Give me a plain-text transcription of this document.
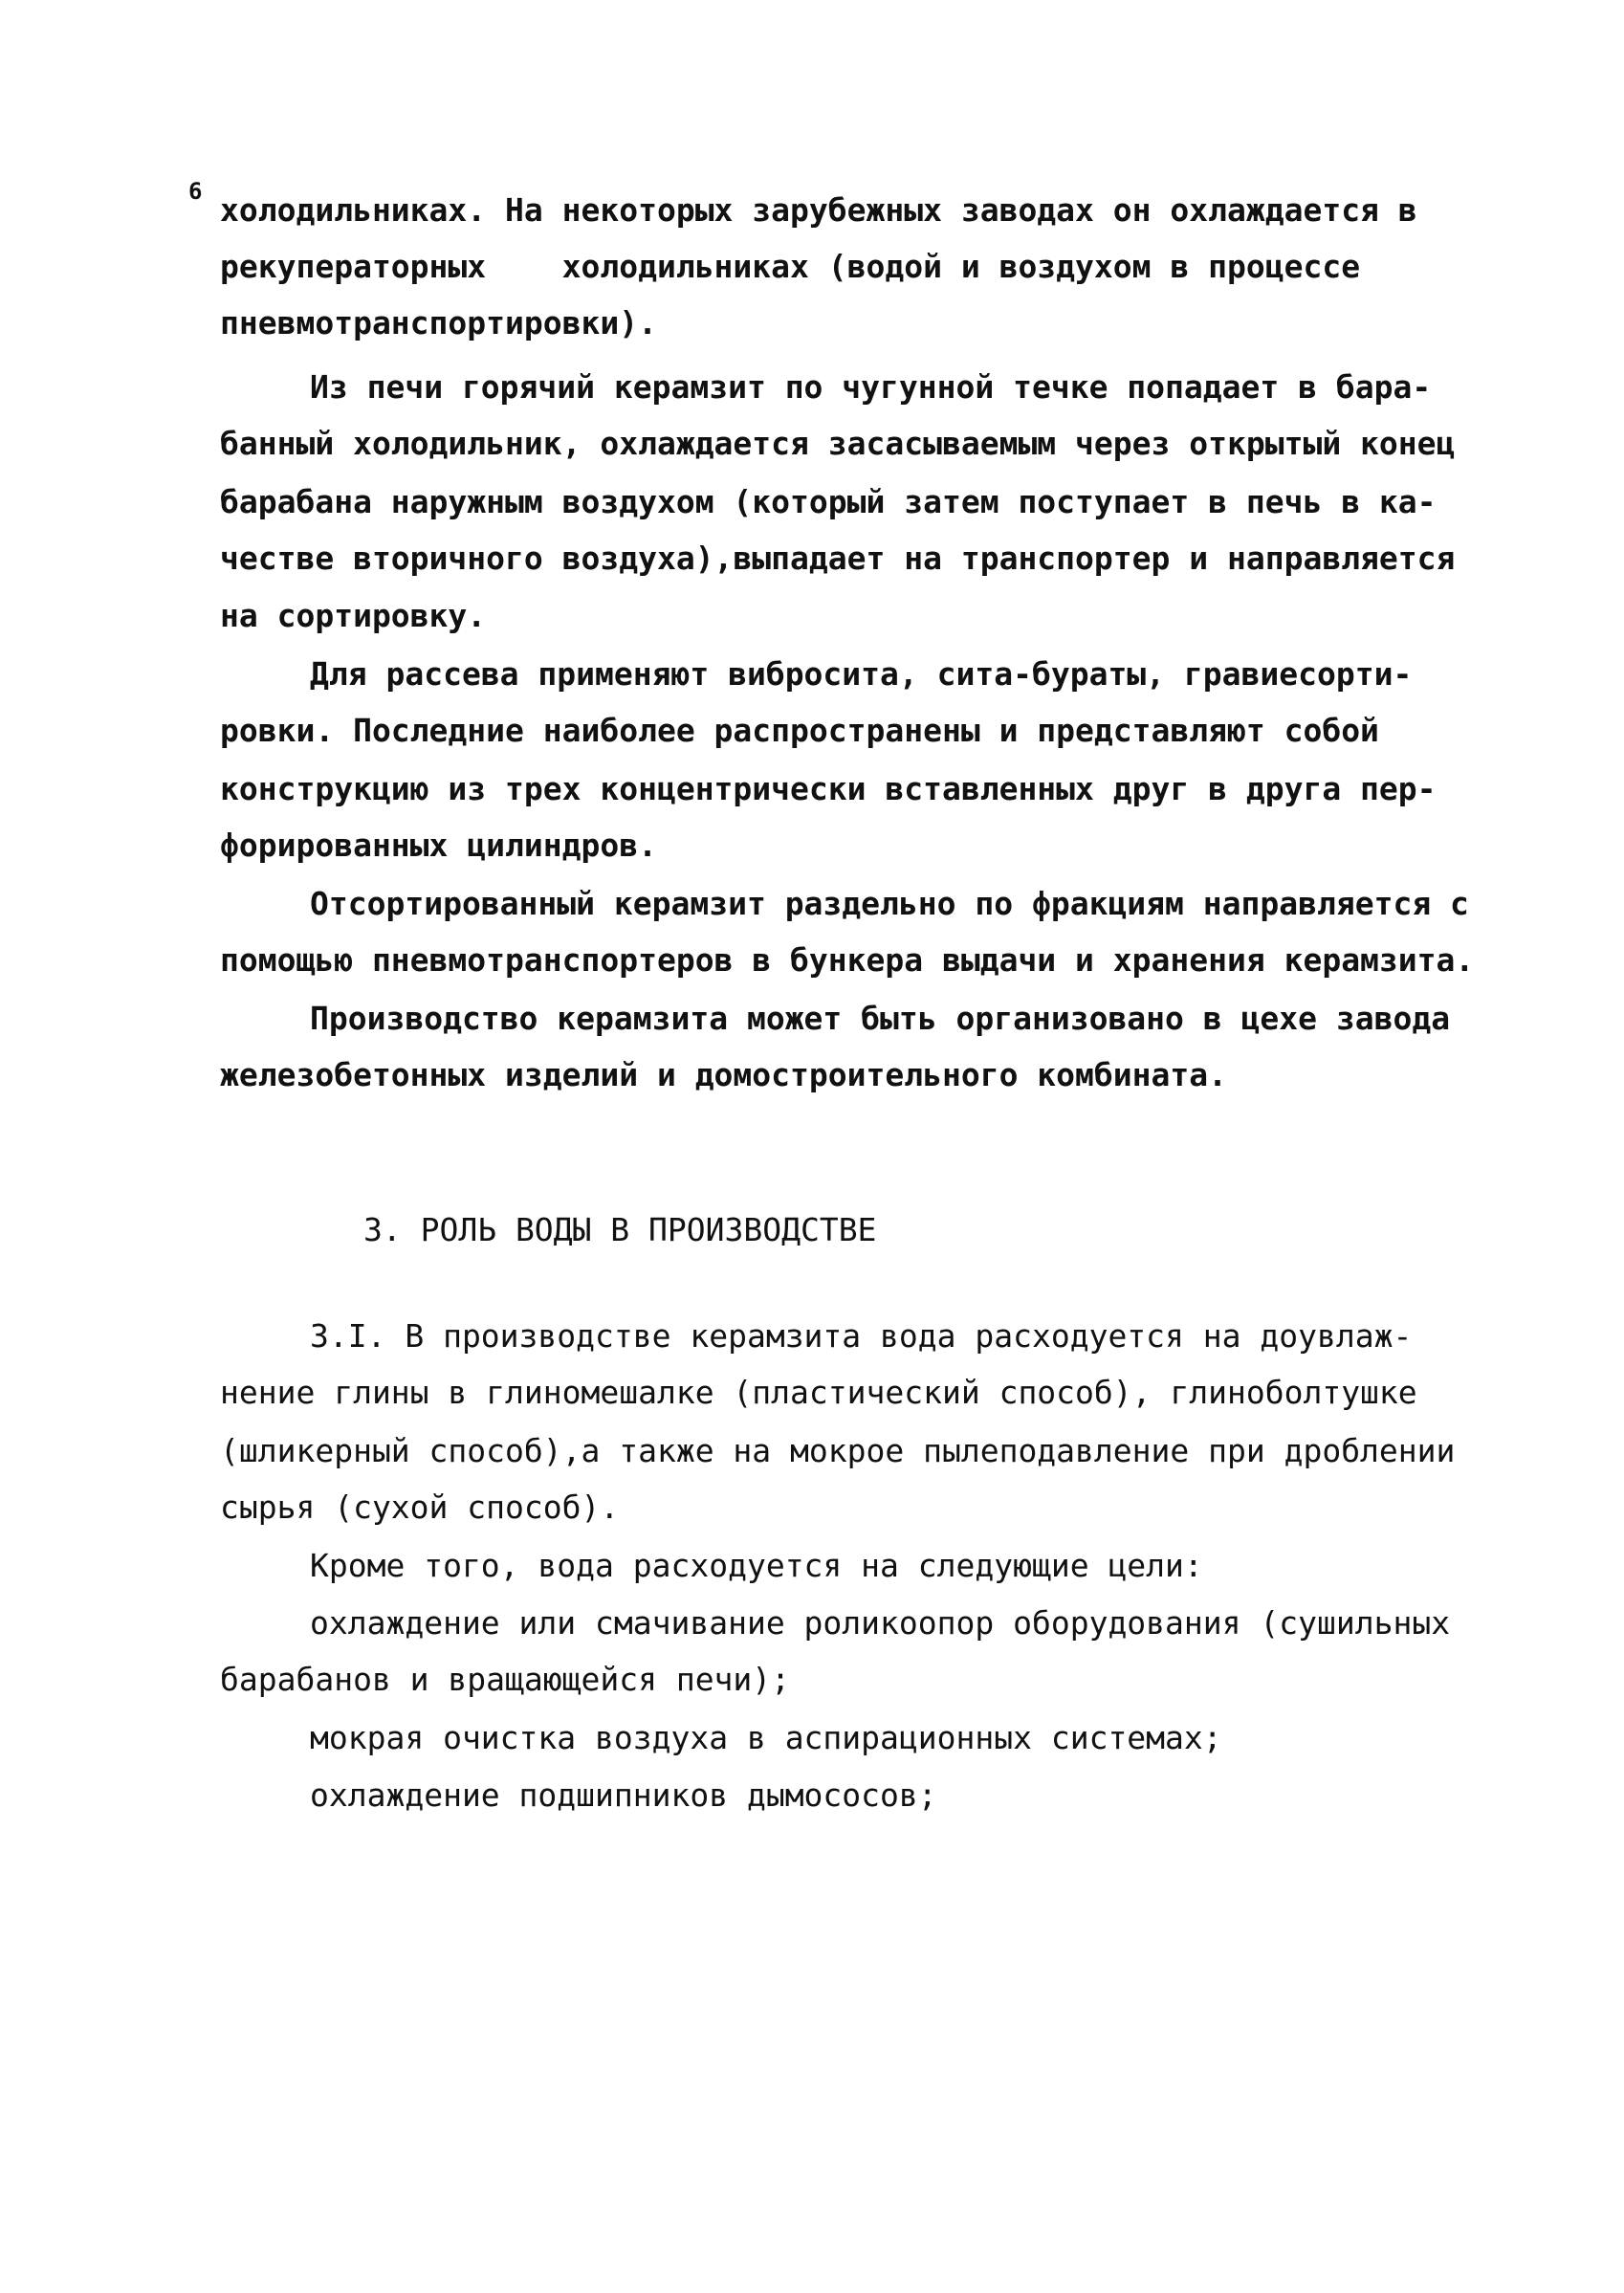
6 холодильниках. На некоторых зарубежных заводах он охлаждается в
рекуператорных    холодильниках (водой и воздухом в процессе
пневмотранспортировки).
Из печи горячий керамзит по чугунной течке попадает в бара-
банный холодильник, охлаждается засасываемым через открытый конец
барабана наружным воздухом (который затем поступает в печь в ка-
честве вторичного воздуха),выпадает на транспортер и направляется
на сортировку.
Для рассева применяют вибросита, сита-бураты, гравиесорти-
ровки. Последние наиболее распространены и представляют собой
конструкцию из трех концентрически вставленных друг в друга пер-
форированных цилиндров.
Отсортированный керамзит раздельно по фракциям направляется с
помощью пневмотранспортеров в бункера выдачи и хранения керамзита.
Производство керамзита может быть организовано в цехе завода
железобетонных изделий и домостроительного комбината.
3. РОЛЬ ВОДЫ В ПРОИЗВОДСТВЕ
3.I. В производстве керамзита вода расходуется на доувлаж-
нение глины в глиномешалке (пластический способ), глиноболтушке
(шликерный способ),а также на мокрое пылеподавление при дроблении
сырья (сухой способ).
Кроме того, вода расходуется на следующие цели:
охлаждение или смачивание роликоопор оборудования (сушильных
барабанов и вращающейся печи);
мокрая очистка воздуха в аспирационных системах;
охлаждение подшипников дымососов;
